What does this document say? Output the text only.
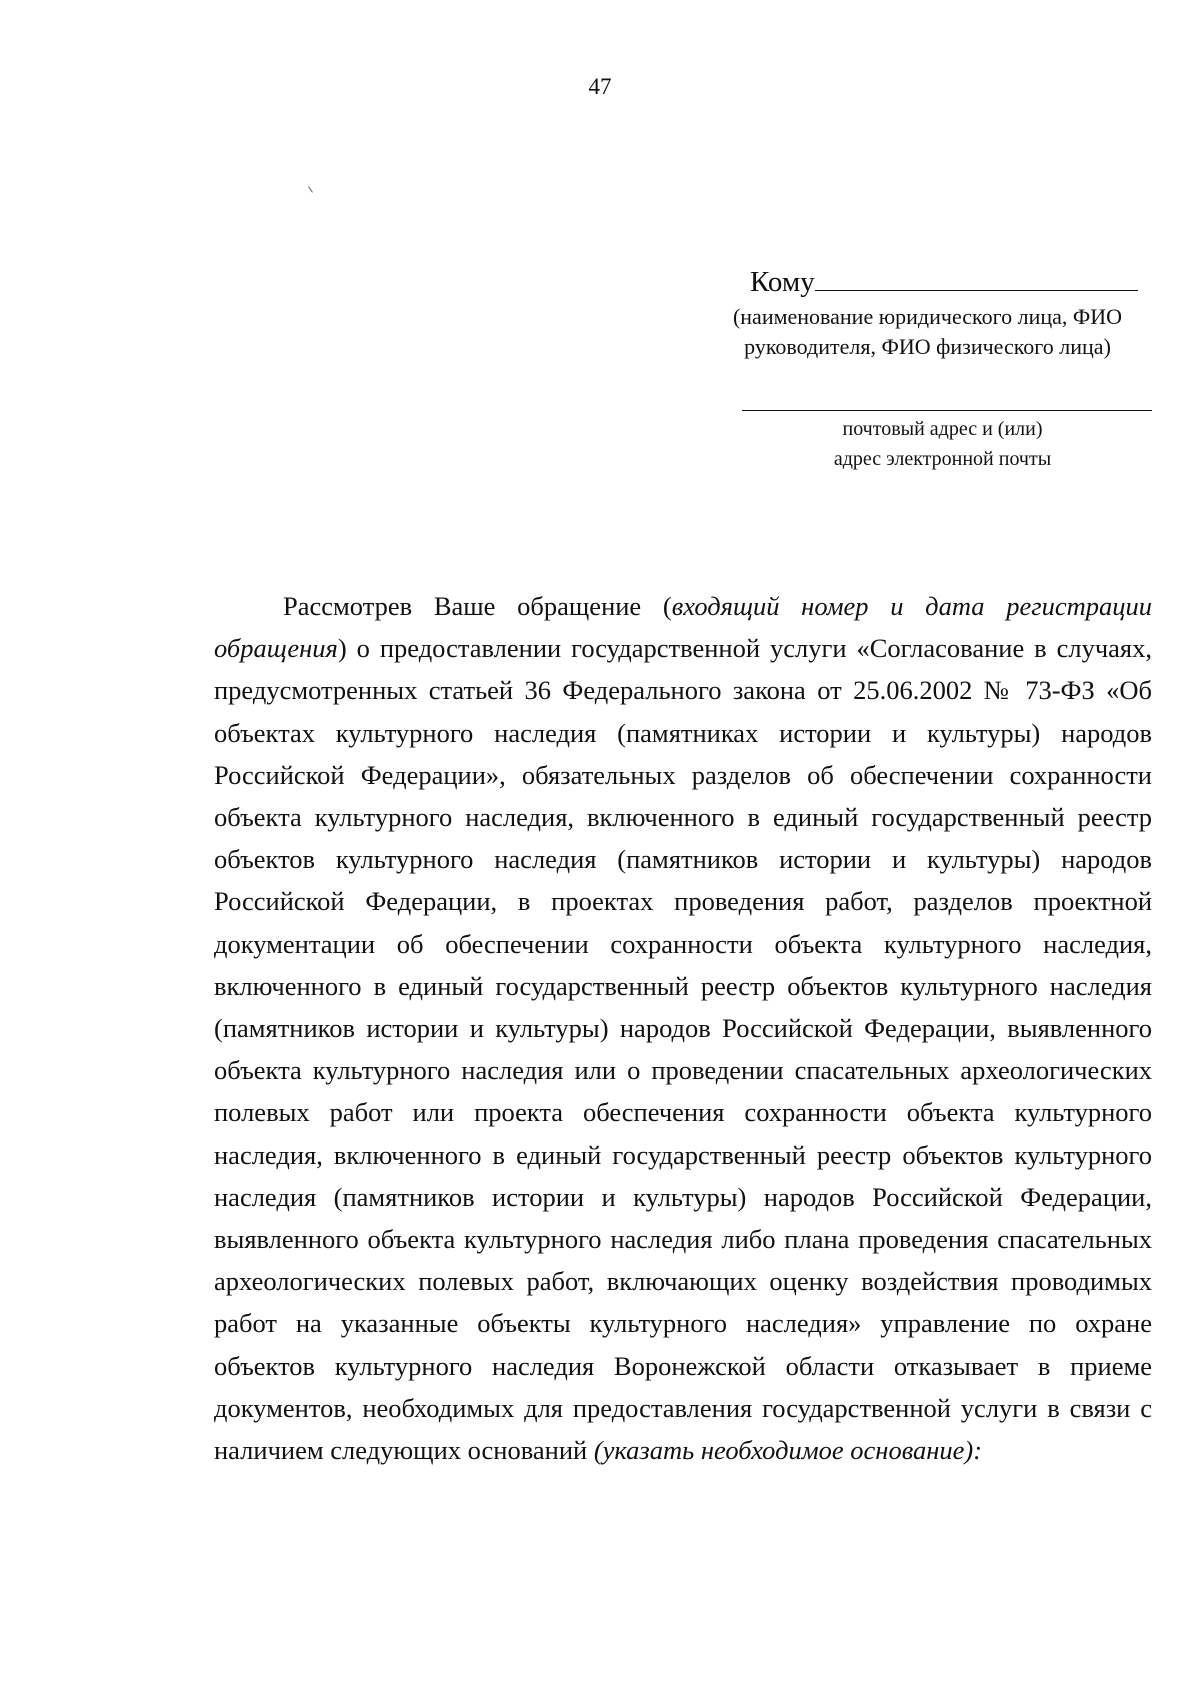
47
Кому
(наименование юридического лица, ФИО
руководителя, ФИО физического лица)
почтовый адрес и (или)
адрес электронной почты

Рассмотрев Ваше обращение (входящий номер и дата регистрации обращения) о предоставлении государственной услуги «Согласование в случаях, предусмотренных статьей 36 Федерального закона от 25.06.2002 № 73-ФЗ «Об объектах культурного наследия (памятниках истории и культуры) народов Российской Федерации», обязательных разделов об обеспечении сохранности объекта культурного наследия, включенного в единый государственный реестр объектов культурного наследия (памятников истории и культуры) народов Российской Федерации, в проектах проведения работ, разделов проектной документации об обеспечении сохранности объекта культурного наследия, включенного в единый государственный реестр объектов культурного наследия (памятников истории и культуры) народов Российской Федерации, выявленного объекта культурного наследия или о проведении спасательных археологических полевых работ или проекта обеспечения сохранности объекта культурного наследия, включенного в единый государственный реестр объектов культурного наследия (памятников истории и культуры) народов Российской Федерации, выявленного объекта культурного наследия либо плана проведения спасательных археологических полевых работ, включающих оценку воздействия проводимых работ на указанные объекты культурного наследия» управление по охране объектов культурного наследия Воронежской области отказывает в приеме документов, необходимых для предоставления государственной услуги в связи с наличием следующих оснований (указать необходимое основание):
